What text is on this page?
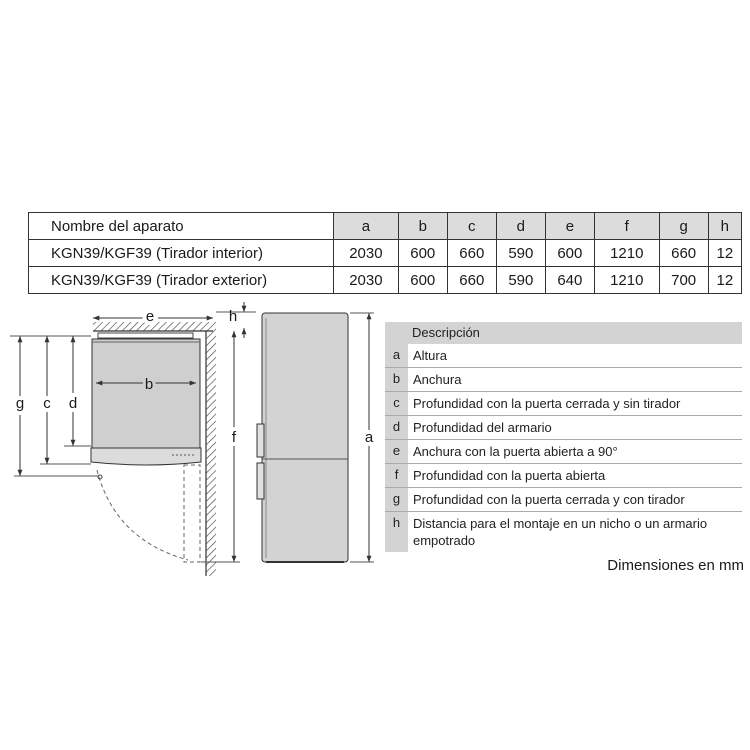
Nombre del aparato	a	b	c	d	e	f	g	h
KGN39/KGF39 (Tirador interior)	2030	600	660	590	600	1210	660	12
KGN39/KGF39 (Tirador exterior)	2030	600	660	590	640	1210	700	12
b
e
g c d
f
h
a
Descripción
a Altura
b Anchura
c	Profundidad con la puerta cerrada y sin tirador
d Profundidad del armario
e Anchura con la puerta abierta a 90°
f	Profundidad con la puerta abierta
g Profundidad con la puerta cerrada y con tirador
h Distancia para el montaje en un nicho o un armario empotrado
Dimensiones en mm
